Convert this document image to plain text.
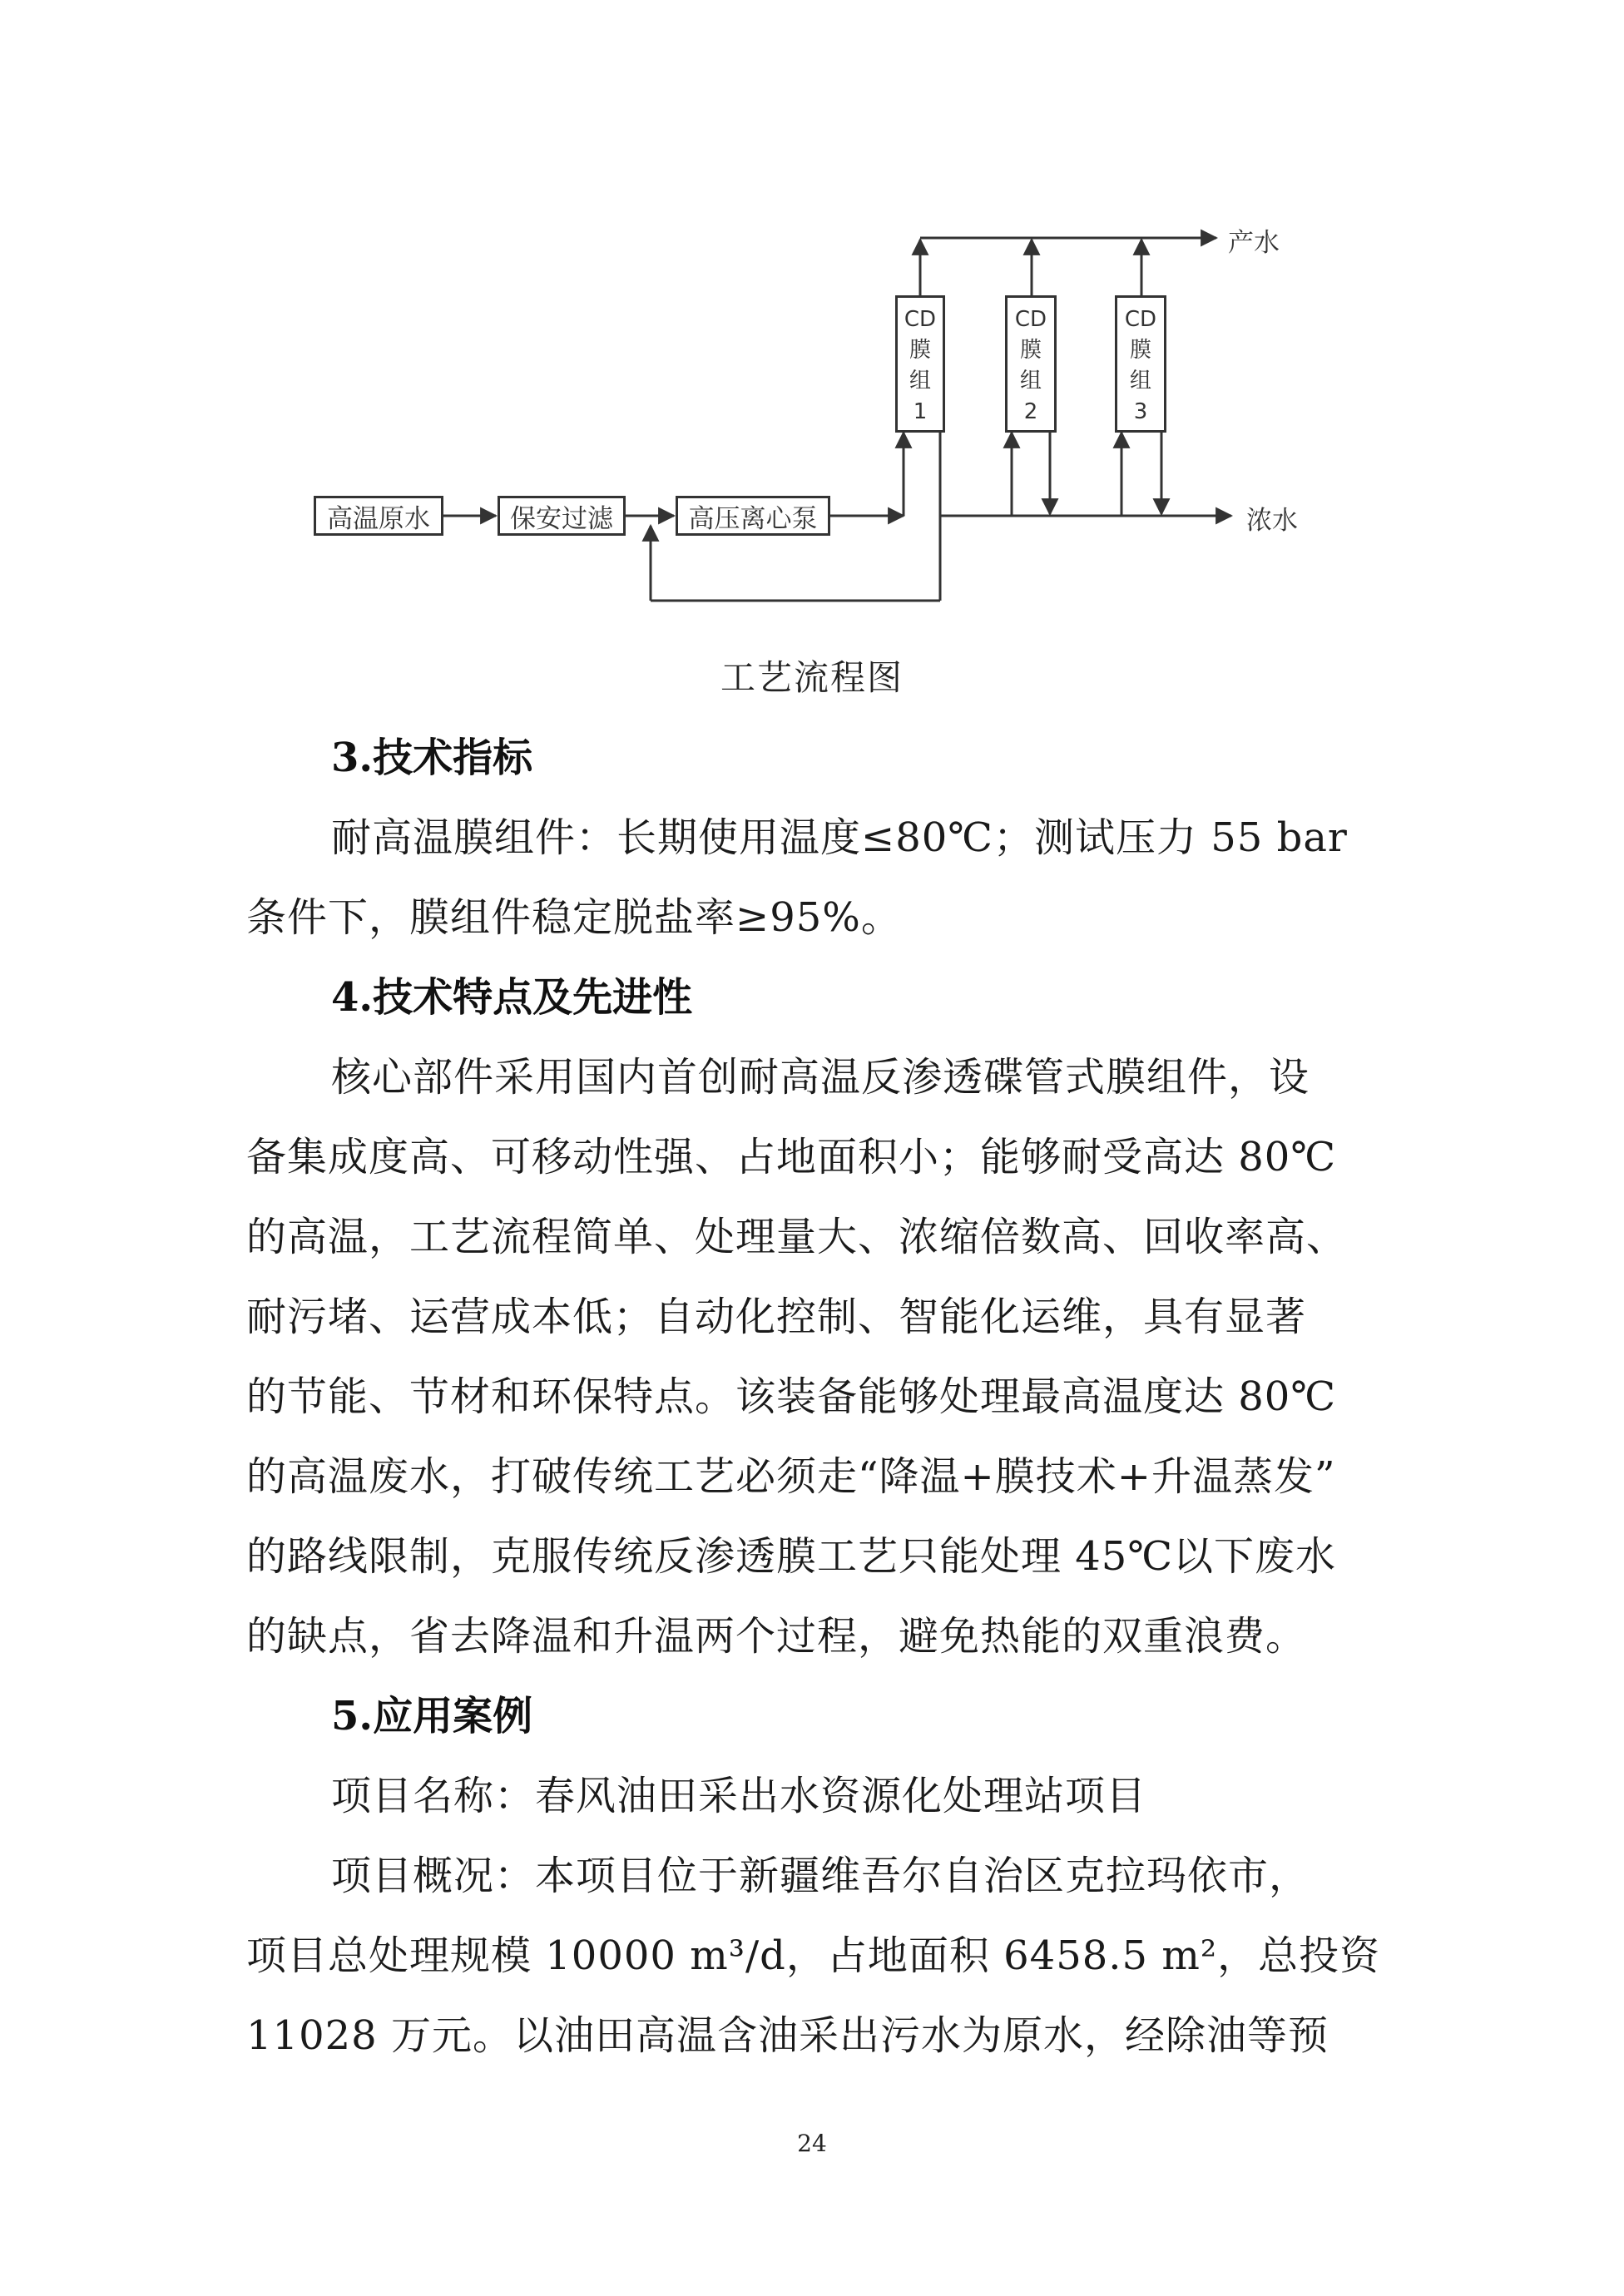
高温原水	保安过滤	高压离心泵
CD
膜
组
1
CD
膜
组
2
CD
膜
组
3
产水
浓水
工艺流程图
3.技术指标
耐高温膜组件：长期使用温度≤80℃；测试压力 55 bar
条件下，膜组件稳定脱盐率≥95%。
4.技术特点及先进性
核心部件采用国内首创耐高温反渗透碟管式膜组件，设
备集成度高、可移动性强、占地面积小；能够耐受高达 80℃
的高温，工艺流程简单、处理量大、浓缩倍数高、回收率高、
耐污堵、运营成本低；自动化控制、智能化运维，具有显著
的节能、节材和环保特点。该装备能够处理最高温度达 80℃
的高温废水，打破传统工艺必须走“降温+膜技术+升温蒸发”
的路线限制，克服传统反渗透膜工艺只能处理 45℃以下废水
的缺点，省去降温和升温两个过程，避免热能的双重浪费。
5.应用案例
项目名称：春风油田采出水资源化处理站项目
项目概况：本项目位于新疆维吾尔自治区克拉玛依市，
项目总处理规模 10000 m³/d，占地面积 6458.5 m²，总投资
11028 万元。以油田高温含油采出污水为原水，经除油等预
24
